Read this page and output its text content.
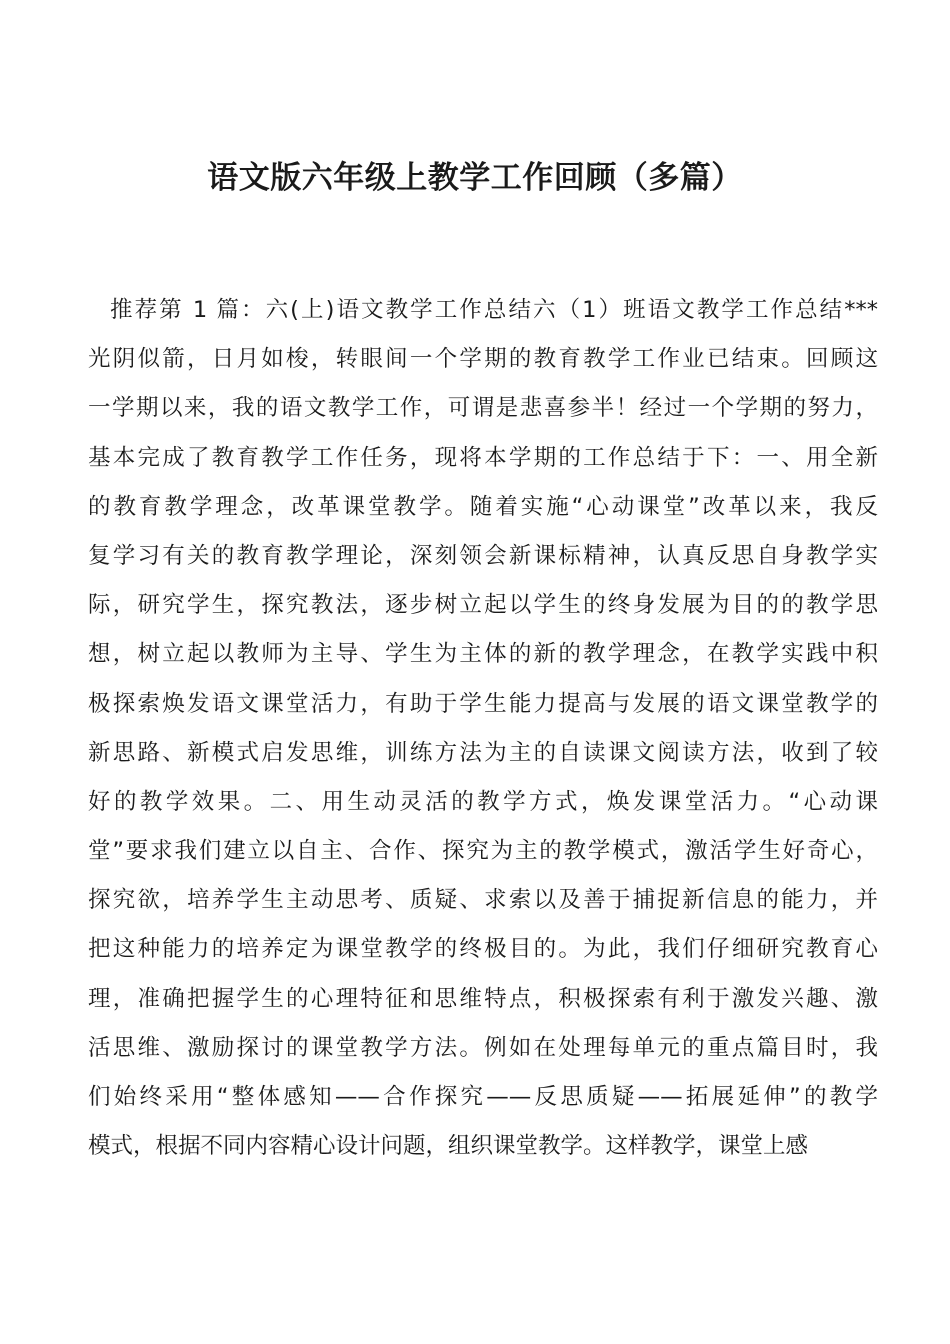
语文版六年级上教学工作回顾（多篇）
推荐第 1 篇：六(上)语文教学工作总结六（1）班语文教学工作总结***
光阴似箭，日月如梭，转眼间一个学期的教育教学工作业已结束。回顾这
一学期以来，我的语文教学工作，可谓是悲喜参半！经过一个学期的努力，
基本完成了教育教学工作任务，现将本学期的工作总结于下：一、用全新
的教育教学理念，改革课堂教学。随着实施“心动课堂”改革以来，我反
复学习有关的教育教学理论，深刻领会新课标精神，认真反思自身教学实
际，研究学生，探究教法，逐步树立起以学生的终身发展为目的的教学思
想，树立起以教师为主导、学生为主体的新的教学理念，在教学实践中积
极探索焕发语文课堂活力，有助于学生能力提高与发展的语文课堂教学的
新思路、新模式启发思维，训练方法为主的自读课文阅读方法，收到了较
好的教学效果。二、用生动灵活的教学方式，焕发课堂活力。“心动课
堂”要求我们建立以自主、合作、探究为主的教学模式，激活学生好奇心，
探究欲，培养学生主动思考、质疑、求索以及善于捕捉新信息的能力，并
把这种能力的培养定为课堂教学的终极目的。为此，我们仔细研究教育心
理，准确把握学生的心理特征和思维特点，积极探索有利于激发兴趣、激
活思维、激励探讨的课堂教学方法。例如在处理每单元的重点篇目时，我
们始终采用“整体感知——合作探究——反思质疑——拓展延伸”的教学
模式，根据不同内容精心设计问题，组织课堂教学。这样教学，课堂上感
